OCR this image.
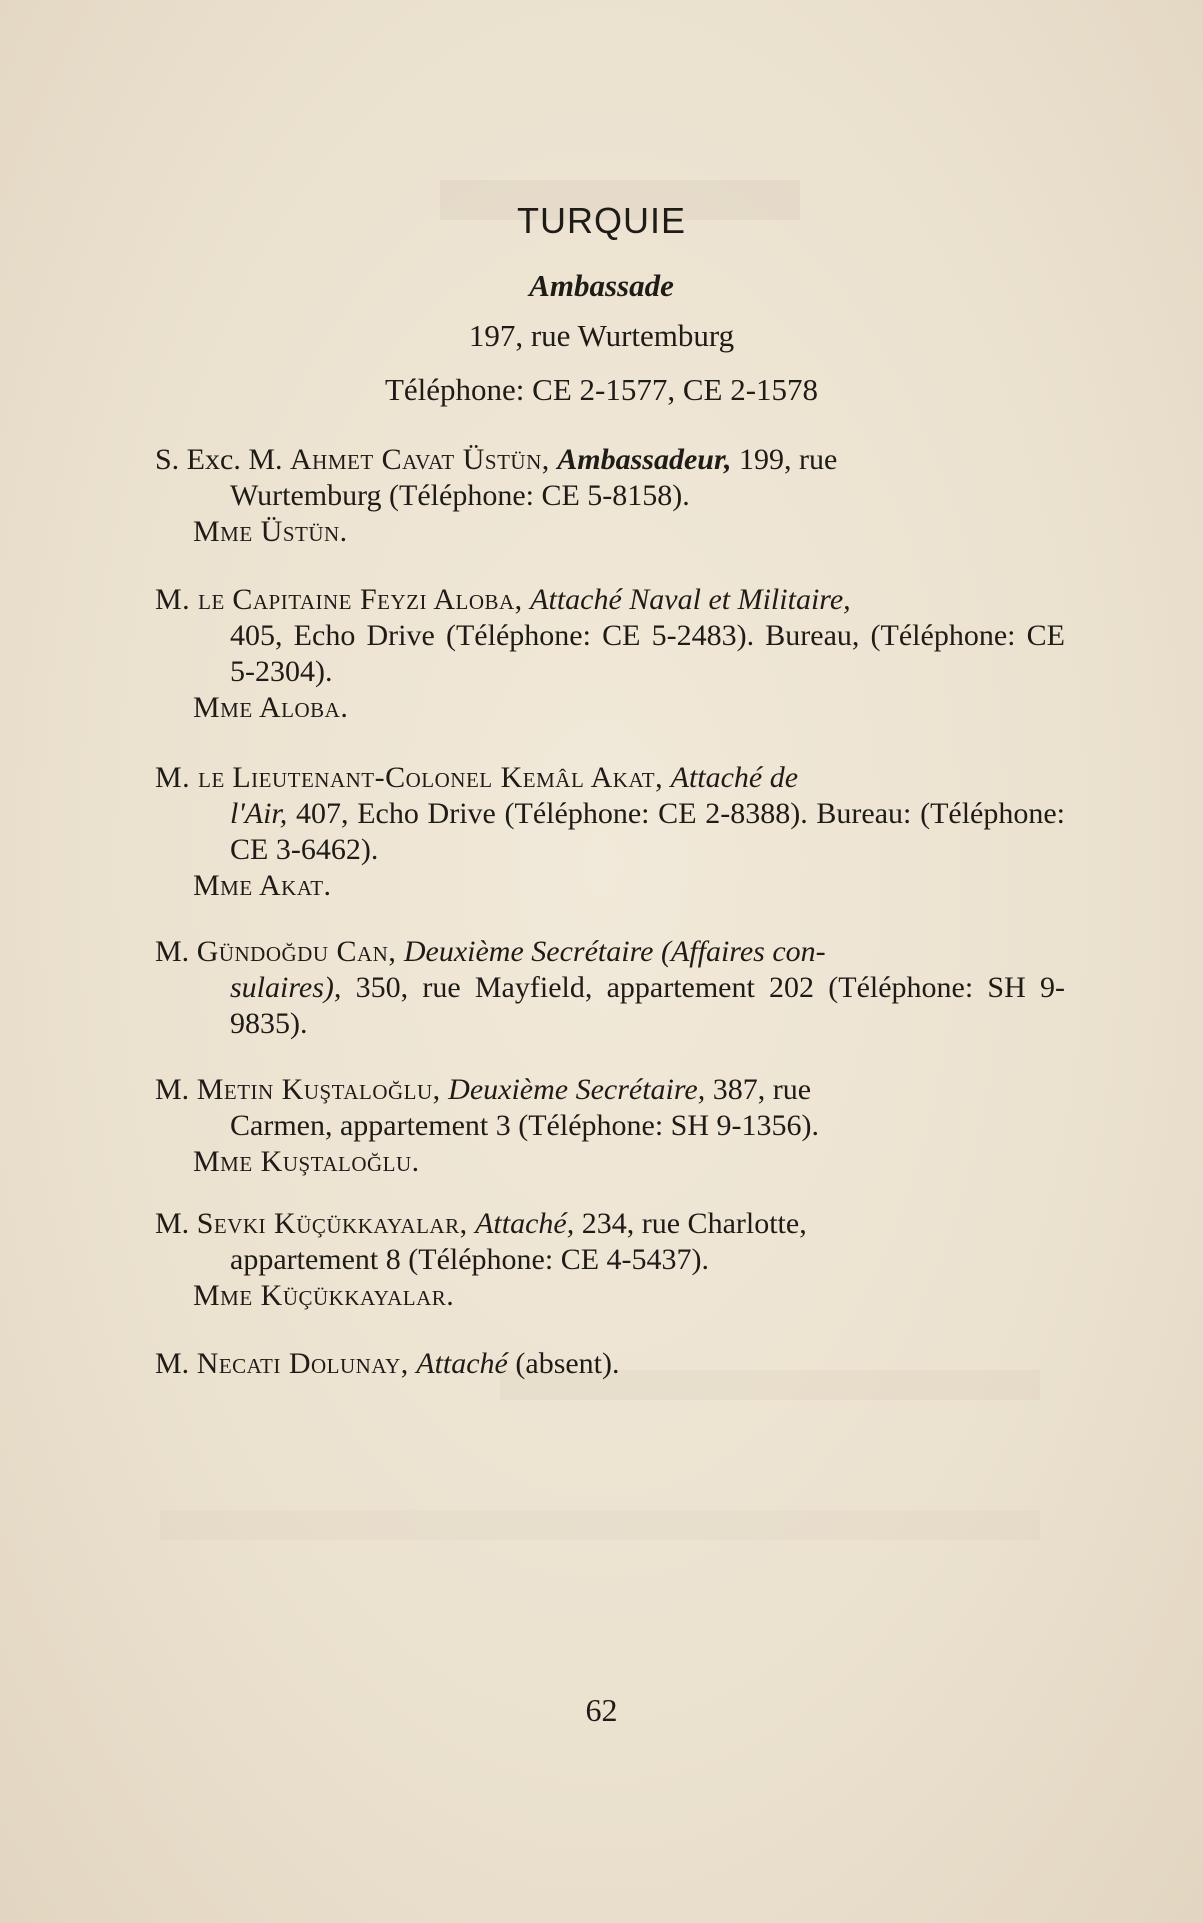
TURQUIE
Ambassade
197, rue Wurtemburg
Téléphone: CE 2-1577, CE 2-1578
S. Exc. M. Ahmet Cavat Üstün, Ambassadeur, 199, rue
Wurtemburg (Téléphone: CE 5-8158).
Mme Üstün.
M. le Capitaine Feyzi Aloba, Attaché Naval et Militaire,
405, Echo Drive (Téléphone: CE 5-2483). Bureau, (Téléphone: CE 5-2304).
Mme Aloba.
M. le Lieutenant-Colonel Kemâl Akat, Attaché de
l'Air, 407, Echo Drive (Téléphone: CE 2-8388). Bureau: (Téléphone: CE 3-6462).
Mme Akat.
M. Gündoğdu Can, Deuxième Secrétaire (Affaires con-
sulaires), 350, rue Mayfield, appartement 202 (Téléphone: SH 9-9835).
M. Metin Kuştaloğlu, Deuxième Secrétaire, 387, rue
Carmen, appartement 3 (Téléphone: SH 9-1356).
Mme Kuştaloğlu.
M. Sevki Küçükkayalar, Attaché, 234, rue Charlotte,
appartement 8 (Téléphone: CE 4-5437).
Mme Küçükkayalar.
M. Necati Dolunay, Attaché (absent).
62
